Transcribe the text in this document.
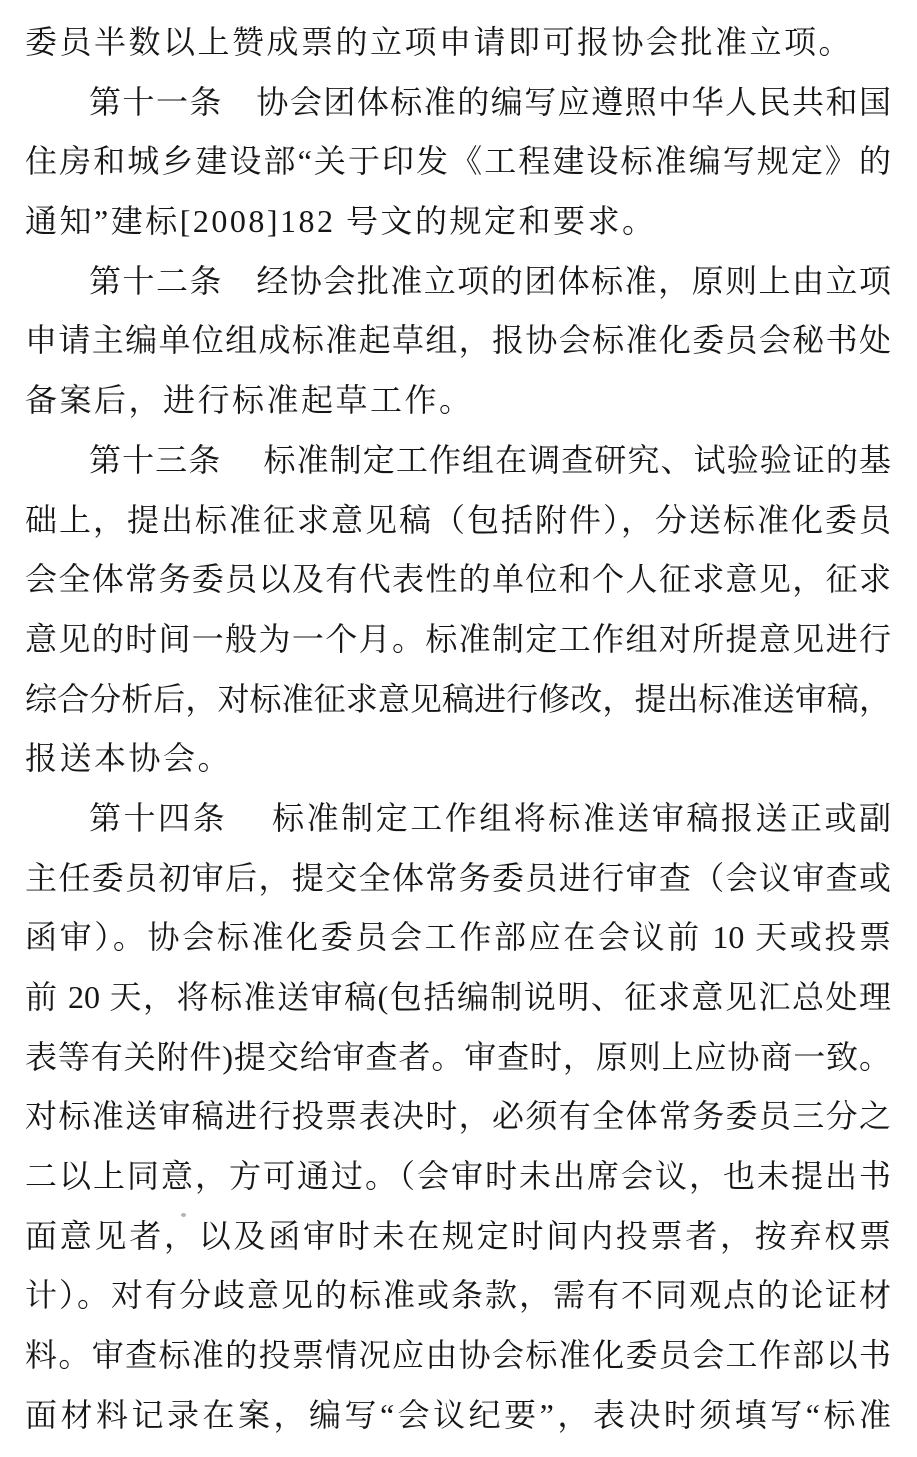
委员半数以上赞成票的立项申请即可报协会批准立项。
第十一条　协会团体标准的编写应遵照中华人民共和国
住房和城乡建设部“关于印发《工程建设标准编写规定》的
通知”建标[2008]182 号文的规定和要求。
第十二条　经协会批准立项的团体标准，原则上由立项
申请主编单位组成标准起草组，报协会标准化委员会秘书处
备案后，进行标准起草工作。
第十三条　 标准制定工作组在调查研究、试验验证的基
础上，提出标准征求意见稿（包括附件），分送标准化委员
会全体常务委员以及有代表性的单位和个人征求意见，征求
意见的时间一般为一个月。标准制定工作组对所提意见进行
综合分析后，对标准征求意见稿进行修改，提出标准送审稿，
报送本协会。
第十四条　 标准制定工作组将标准送审稿报送正或副
主任委员初审后，提交全体常务委员进行审查（会议审查或
函审）。协会标准化委员会工作部应在会议前 10 天或投票
前 20 天，将标准送审稿(包括编制说明、征求意见汇总处理
表等有关附件)提交给审查者。审查时，原则上应协商一致。
对标准送审稿进行投票表决时，必须有全体常务委员三分之
二以上同意，方可通过。（会审时未出席会议，也未提出书
面意见者，以及函审时未在规定时间内投票者，按弃权票
计）。对有分歧意见的标准或条款，需有不同观点的论证材
料。审查标准的投票情况应由协会标准化委员会工作部以书
面材料记录在案，编写“会议纪要”，表决时须填写“标准
